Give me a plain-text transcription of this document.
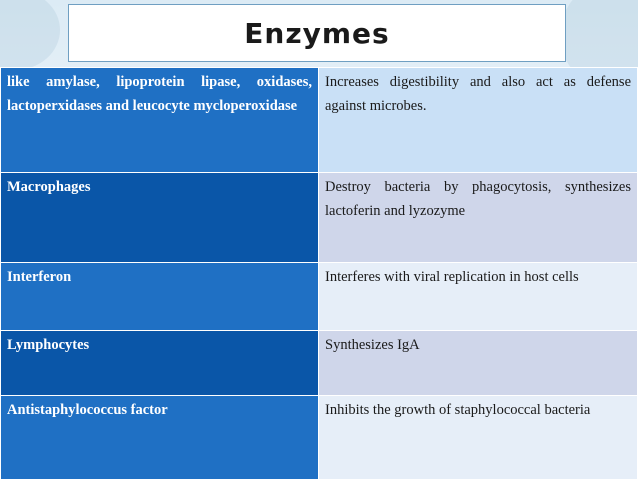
Enzymes
like amylase, lipoprotein lipase, oxidases, lactoperxidases and leucocyte mycloperoxidase	Increases digestibility and also act as defense against microbes.
Macrophages	Destroy bacteria by phagocytosis, synthesizes lactoferin and lyzozyme
Interferon	Interferes with viral replication in host cells
Lymphocytes	Synthesizes IgA
Antistaphylococcus factor	Inhibits the growth of staphylococcal bacteria
